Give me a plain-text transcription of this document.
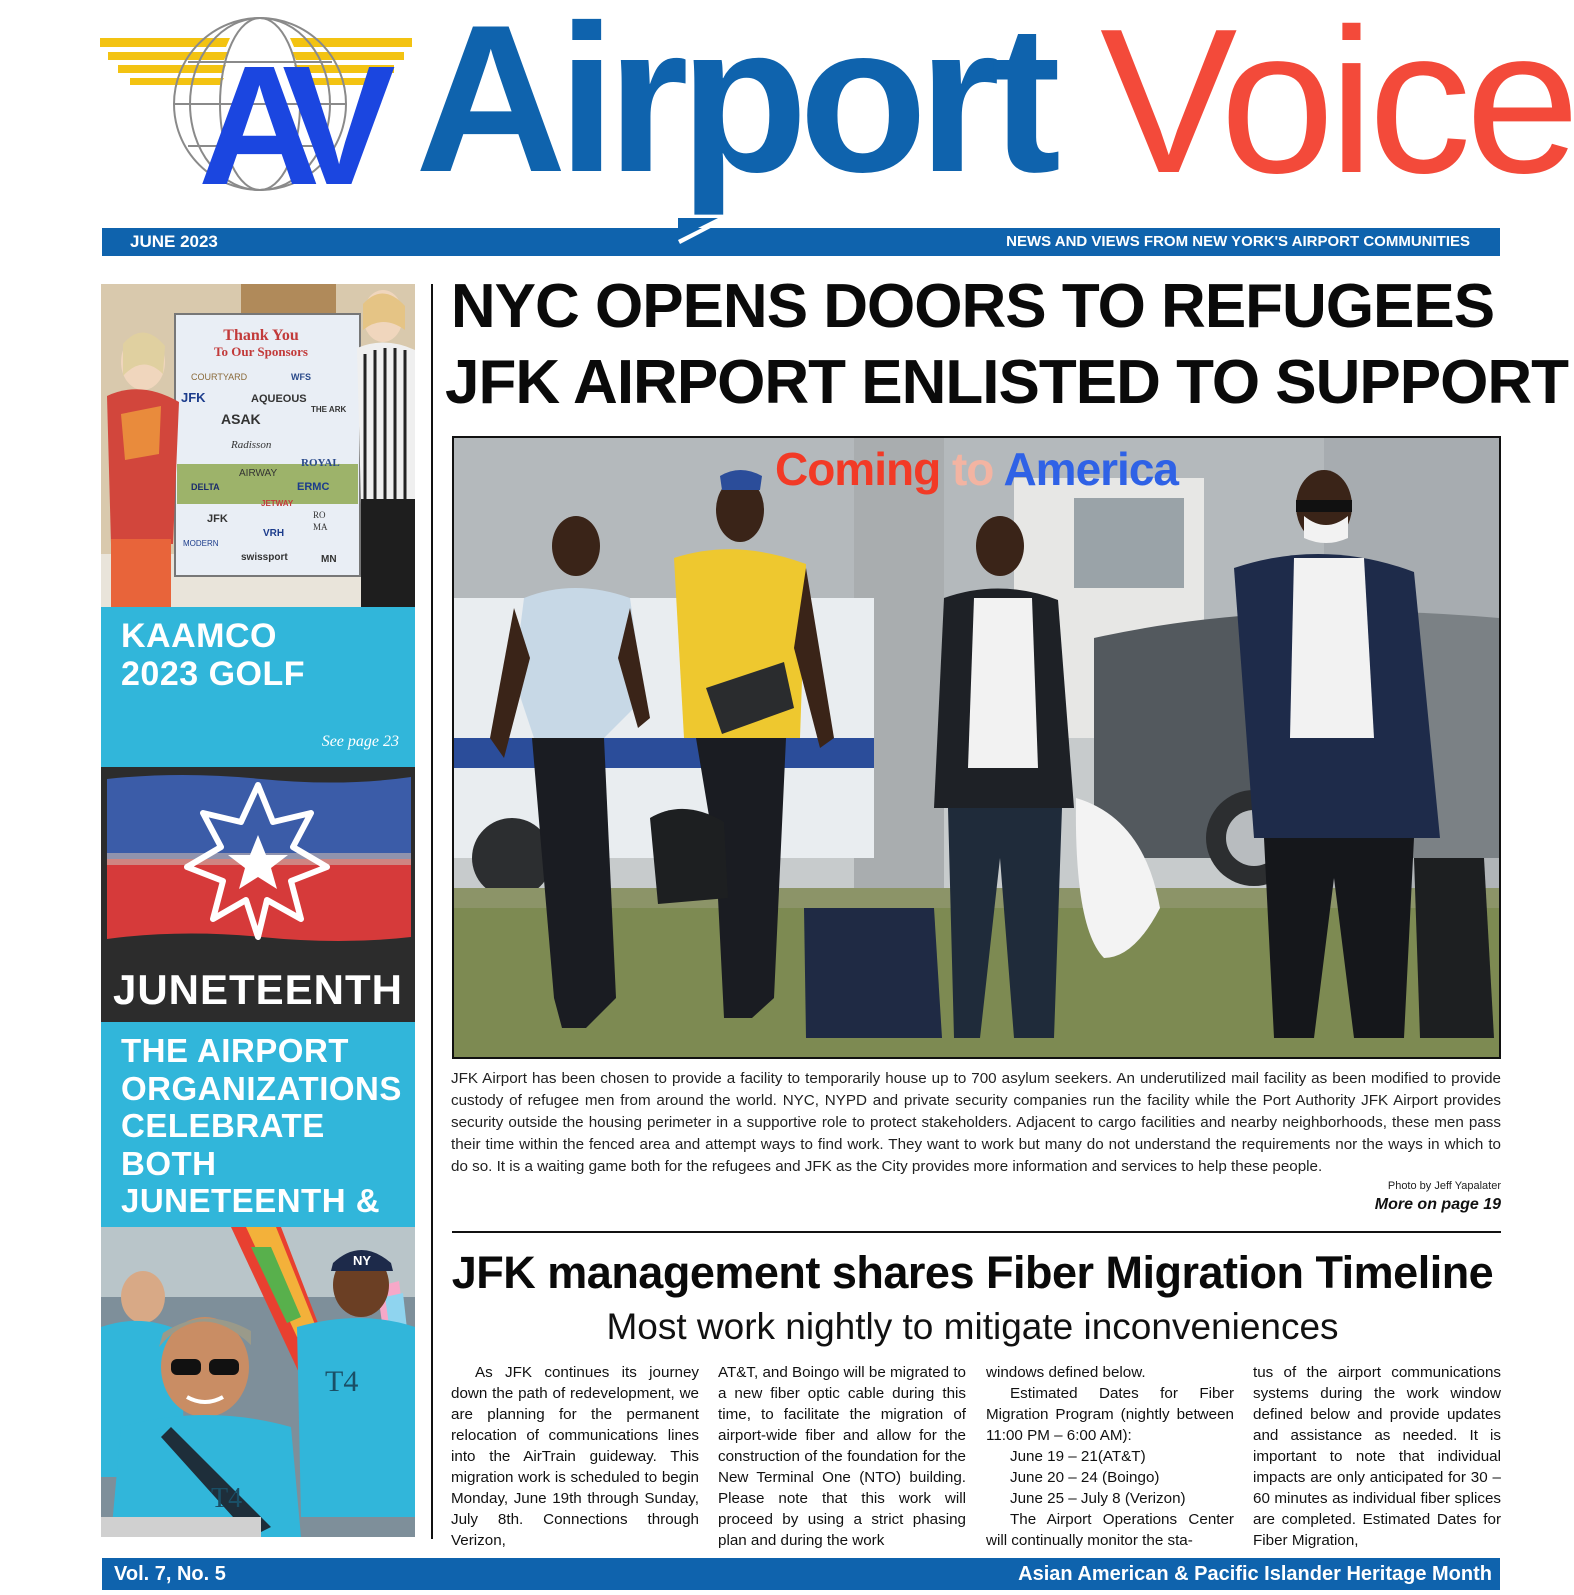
AV Airport Voice
JUNE 2023	NEWS AND VIEWS FROM NEW YORK'S AIRPORT COMMUNITIES
Thank You
To Our Sponsors
COURTYARD	WFS
JFK	AQUEOUS
THE ARK
ASAK
Radisson
ROYAL
AIRWAY
DELTA	ERMC
JETWAY
JFK	RO
MA
VRH
MODERN
swissport	MN
KAAMCO
2023 GOLF
See page 23
JUNETEENTH
THE AIRPORT
ORGANIZATIONS
CELEBRATE BOTH
JUNETEENTH &
NY
T4
T4
NYC OPENS DOORS TO REFUGEES
JFK AIRPORT ENLISTED TO SUPPORT
Coming to America
JFK Airport has been chosen to provide a facility to temporarily house up to 700 asylum seekers. An underutilized mail facility as been modified to provide custody of refugee men from around the world. NYC, NYPD and private security companies run the facility while the Port Authority JFK Airport provides security outside the housing perimeter in a supportive role to protect stakeholders. Adjacent to cargo facilities and nearby neighborhoods, these men pass their time within the fenced area and attempt ways to find work. They want to work but many do not understand the requirements nor the ways in which to do so. It is a waiting game both for the refugees and JFK as the City provides more information and services to help these people.
Photo by Jeff Yapalater
More on page 19
JFK management shares Fiber Migration Timeline
Most work nightly to mitigate inconveniences

As JFK continues its journey down the path of redevelopment, we are planning for the permanent relocation of communications lines into the AirTrain guideway. This migration work is scheduled to begin Monday, June 19th through Sunday, July 8th. Connections through Verizon,

AT&T, and Boingo will be migrated to a new fiber optic cable during this time, to facilitate the migration of airport-wide fiber and allow for the construction of the foundation for the New Terminal One (NTO) building. Please note that this work will proceed by using a strict phasing plan and during the work

windows defined below.

Estimated Dates for Fiber Migration Program (nightly between 11:00 PM – 6:00 AM):

June 19 – 21(AT&T)

June 20 – 24 (Boingo)

June 25 – July 8 (Verizon)

The Airport Operations Center will continually monitor the sta-

tus of the airport communications systems during the work window defined below and provide updates and assistance as needed. It is important to note that individual impacts are only anticipated for 30 – 60 minutes as individual fiber splices are completed. Estimated Dates for Fiber Migration,

Vol. 7, No. 5	Asian American & Pacific Islander Heritage Month
